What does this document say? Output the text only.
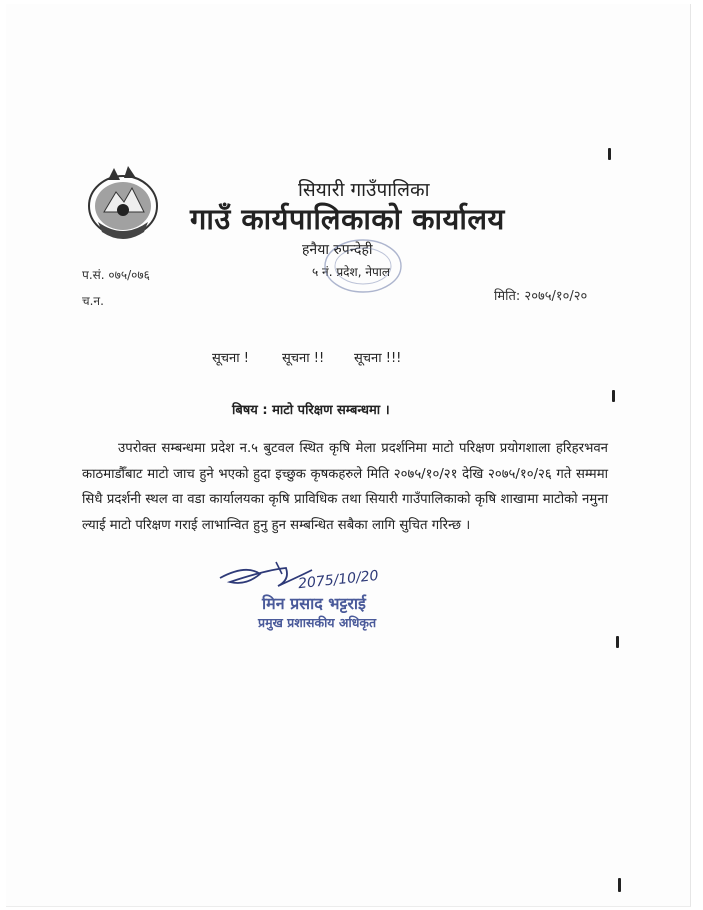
सियारी गाउँपालिका
गाउँ कार्यपालिकाको कार्यालय
हनैया रुपन्देही
५ नं. प्रदेश, नेपाल
प.सं. ०७५/०७६
च.न.	मिति: २०७५/१०/२०
सूचना !	सूचना !! सूचना !!!
बिषय : माटो परिक्षण सम्बन्धमा ।
उपरोक्त सम्बन्धमा प्रदेश न.५ बुटवल स्थित कृषि मेला प्रदर्शनिमा माटो परिक्षण प्रयोगशाला हरिहरभवन काठमाडौँबाट माटो जाच हुने भएको हुदा इच्छुक कृषकहरुले मिति २०७५/१०/२१ देखि २०७५/१०/२६ गते सम्ममा सिधै प्रदर्शनी स्थल वा वडा कार्यालयका कृषि प्राविधिक तथा सियारी गाउँपालिकाको कृषि शाखामा माटोको नमुना ल्याई माटो परिक्षण गराई लाभान्वित हुनु हुन सम्बन्धित सबैका लागि सुचित गरिन्छ ।
2075/10/20
मिन प्रसाद भट्टराई
प्रमुख प्रशासकीय अधिकृत
